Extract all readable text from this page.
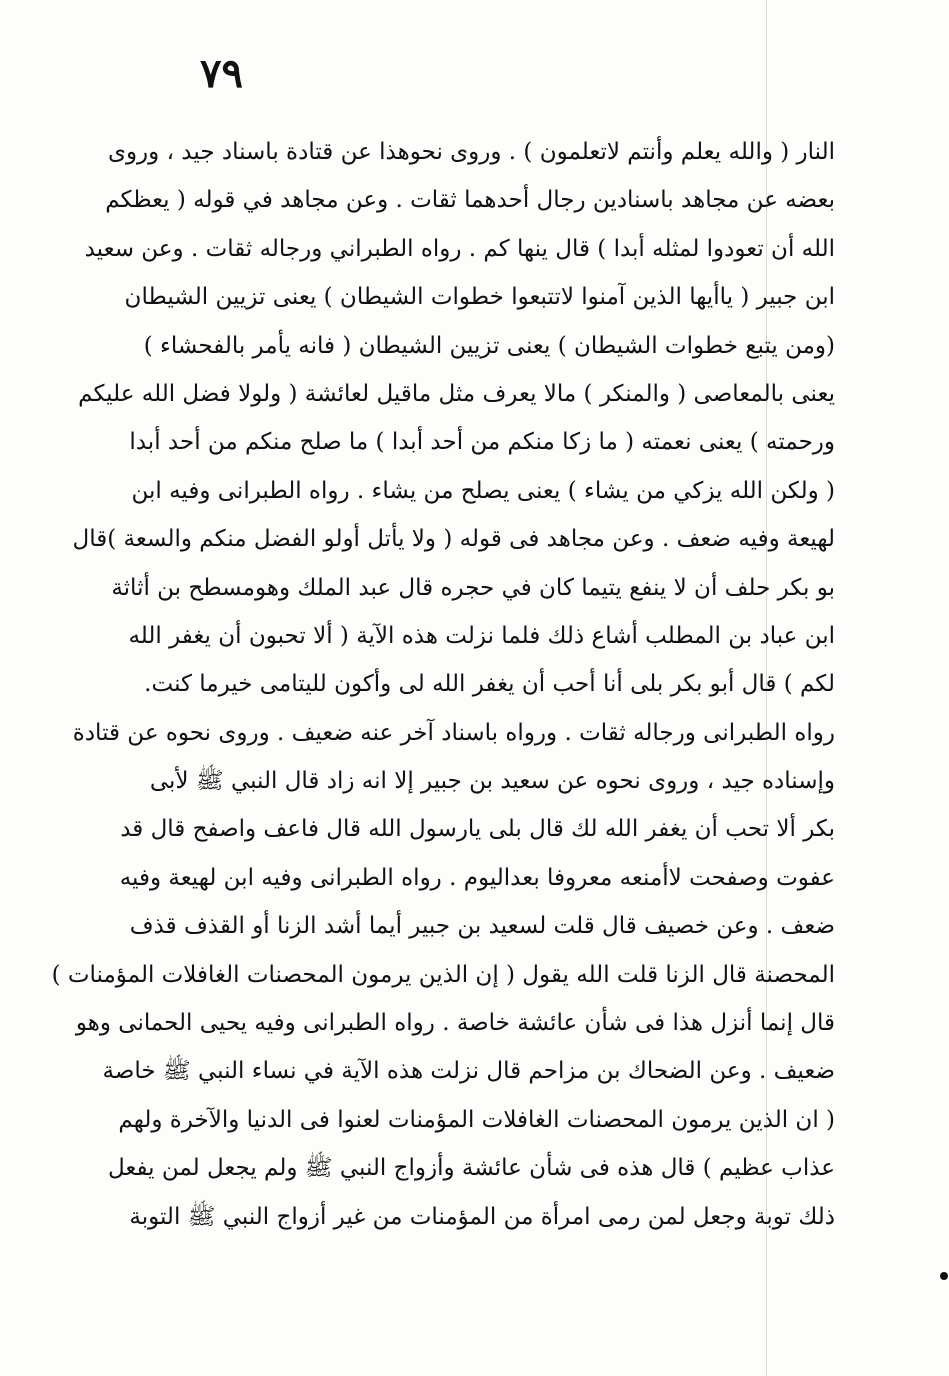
٧٩
النار ( والله يعلم وأنتم لاتعلمون ) . وروى نحوهذا عن قتادة باسناد جيد ، وروى
بعضه عن مجاهد باسنادين رجال أحدهما ثقات . وعن مجاهد في قوله ( يعظكم
الله أن تعودوا لمثله أبدا ) قال ينها كم . رواه الطبراني ورجاله ثقات . وعن سعيد
ابن جبير ( ياأيها الذين آمنوا لاتتبعوا خطوات الشيطان ) يعنى تزيين الشيطان
(ومن يتبع خطوات الشيطان ) يعنى تزيين الشيطان ( فانه يأمر بالفحشاء )
يعنى بالمعاصى ( والمنكر ) مالا يعرف مثل ماقيل لعائشة ( ولولا فضل الله عليكم
ورحمته ) يعنى نعمته ( ما زكا منكم من أحد أبدا ) ما صلح منكم من أحد أبدا
( ولكن الله يزكي من يشاء ) يعنى يصلح من يشاء . رواه الطبرانى وفيه ابن
لهيعة وفيه ضعف . وعن مجاهد فى قوله ( ولا يأتل أولو الفضل منكم والسعة )قال
بو بكر حلف أن لا ينفع يتيما كان في حجره قال عبد الملك وهومسطح بن أثاثة
ابن عباد بن المطلب أشاع ذلك فلما نزلت هذه الآية ( ألا تحبون أن يغفر الله
لكم ) قال أبو بكر بلى أنا أحب أن يغفر الله لى وأكون لليتامى خيرما كنت.
رواه الطبرانى ورجاله ثقات . ورواه باسناد آخر عنه ضعيف . وروى نحوه عن قتادة
وإسناده جيد ، وروى نحوه عن سعيد بن جبير إلا انه زاد قال النبي ﷺ لأبى
بكر ألا تحب أن يغفر الله لك قال بلى يارسول الله قال فاعف واصفح قال قد
عفوت وصفحت لاأمنعه معروفا بعداليوم . رواه الطبرانى وفيه ابن لهيعة وفيه
ضعف . وعن خصيف قال قلت لسعيد بن جبير أيما أشد الزنا أو القذف قذف
المحصنة قال الزنا قلت الله يقول ( إن الذين يرمون المحصنات الغافلات المؤمنات )
قال إنما أنزل هذا فى شأن عائشة خاصة . رواه الطبرانى وفيه يحيى الحمانى وهو
ضعيف . وعن الضحاك بن مزاحم قال نزلت هذه الآية في نساء النبي ﷺ خاصة
( ان الذين يرمون المحصنات الغافلات المؤمنات لعنوا فى الدنيا والآخرة ولهم
عذاب عظيم ) قال هذه فى شأن عائشة وأزواج النبي ﷺ ولم يجعل لمن يفعل
ذلك توبة وجعل لمن رمى امرأة من المؤمنات من غير أزواج النبي ﷺ التوبة
